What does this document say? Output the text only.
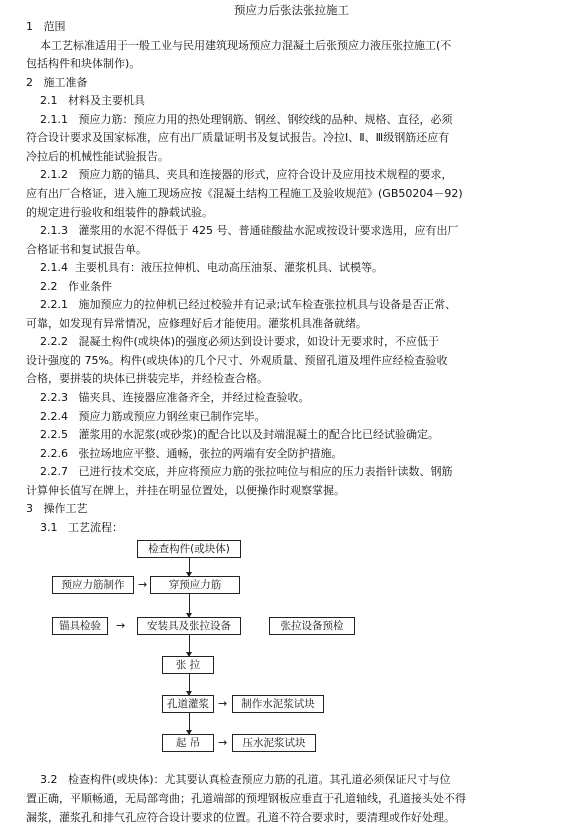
预应力后张法张拉施工
1   范围
本工艺标准适用于一般工业与民用建筑现场预应力混凝土后张预应力液压张拉施工(不
包括构件和块体制作)。
2   施工准备
2.1   材料及主要机具
2.1.1   预应力筋：预应力用的热处理钢筋、钢丝、钢绞线的品种、规格、直径，必须
符合设计要求及国家标准，应有出厂质量证明书及复试报告。冷拉Ⅰ、Ⅱ、Ⅲ级钢筋还应有
冷拉后的机械性能试验报告。
2.1.2   预应力筋的锚具、夹具和连接器的形式，应符合设计及应用技术规程的要求，
应有出厂合格证，进入施工现场应按《混凝土结构工程施工及验收规范》(GB50204－92)
的规定进行验收和组装件的静载试验。
2.1.3   灌浆用的水泥不得低于 425 号、普通硅酸盐水泥或按设计要求选用，应有出厂
合格证书和复试报告单。
2.1.4  主要机具有：液压拉伸机、电动高压油泵、灌浆机具、试模等。
2.2   作业条件
2.2.1   施加预应力的拉伸机已经过校验并有记录;试车检查张拉机具与设备是否正常、
可靠，如发现有异常情况，应修理好后才能使用。灌浆机具准备就绪。
2.2.2   混凝土构件(或块体)的强度必须达到设计要求，如设计无要求时，不应低于
设计强度的 75%。构件(或块体)的几个尺寸、外观质量、预留孔道及埋件应经检查验收
合格，要拼装的块体已拼装完毕，并经检查合格。
2.2.3   锚夹具、连接器应准备齐全，并经过检查验收。
2.2.4   预应力筋或预应力钢丝束已制作完毕。
2.2.5   灌浆用的水泥浆(或砂浆)的配合比以及封端混凝土的配合比已经试验确定。
2.2.6   张拉场地应平整、通畅，张拉的两端有安全防护措施。
2.2.7   已进行技术交底，并应将预应力筋的张拉吨位与相应的压力表指针读数、钢筋
计算伸长值写在牌上，并挂在明显位置处，以便操作时观察掌握。
3   操作工艺
3.1   工艺流程：
检查构件(或块体)
预应力筋制作	→	穿预应力筋
锚具检验	→	安装具及张拉设备	张拉设备预检
张 拉
孔道灌浆 →	制作水泥浆试块
起 吊	→	压水泥浆试块
3.2   检查构件(或块体)：尤其要认真检查预应力筋的孔道。其孔道必须保证尺寸与位
置正确，平顺畅通，无局部弯曲；孔道端部的预埋钢板应垂直于孔道轴线，孔道接头处不得
漏浆，灌浆孔和排气孔应符合设计要求的位置。孔道不符合要求时，要清理或作好处理。
